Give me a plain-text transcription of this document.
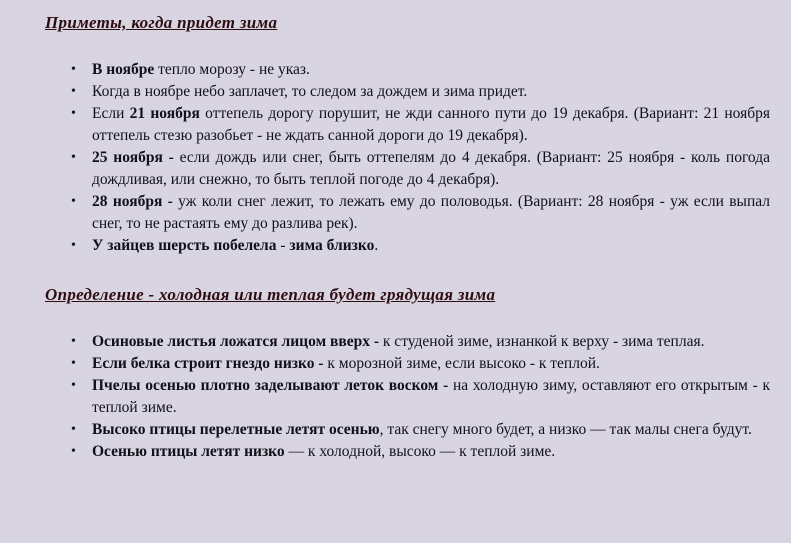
Приметы, когда придет зима
• В ноябре тепло морозу - не указ.
• Когда в ноябре небо заплачет, то следом за дождем и зима придет.
• Если 21 ноября оттепель дорогу порушит, не жди санного пути до 19 декабря. (Вариант: 21 ноября оттепель стезю разобьет - не ждать санной дороги до 19 декабря).
• 25 ноября - если дождь или снег, быть оттепелям до 4 декабря. (Вариант: 25 ноября - коль погода дождливая, или снежно, то быть теплой погоде до 4 декабря).
• 28 ноября - уж коли снег лежит, то лежать ему до половодья. (Вариант: 28 ноября - уж если выпал снег, то не растаять ему до разлива рек).
• У зайцев шерсть побелела - зима близко.
Определение - холодная или теплая будет грядущая зима
• Осиновые листья ложатся лицом вверх - к студеной зиме, изнанкой к верху - зима теплая.
• Если белка строит гнездо низко - к морозной зиме, если высоко - к теплой.
• Пчелы осенью плотно заделывают леток воском - на холодную зиму, оставляют его открытым - к теплой зиме.
• Высоко птицы перелетные летят осенью, так снегу много будет, а низко — так малы снега будут.
• Осенью птицы летят низко — к холодной, высоко — к теплой зиме.
